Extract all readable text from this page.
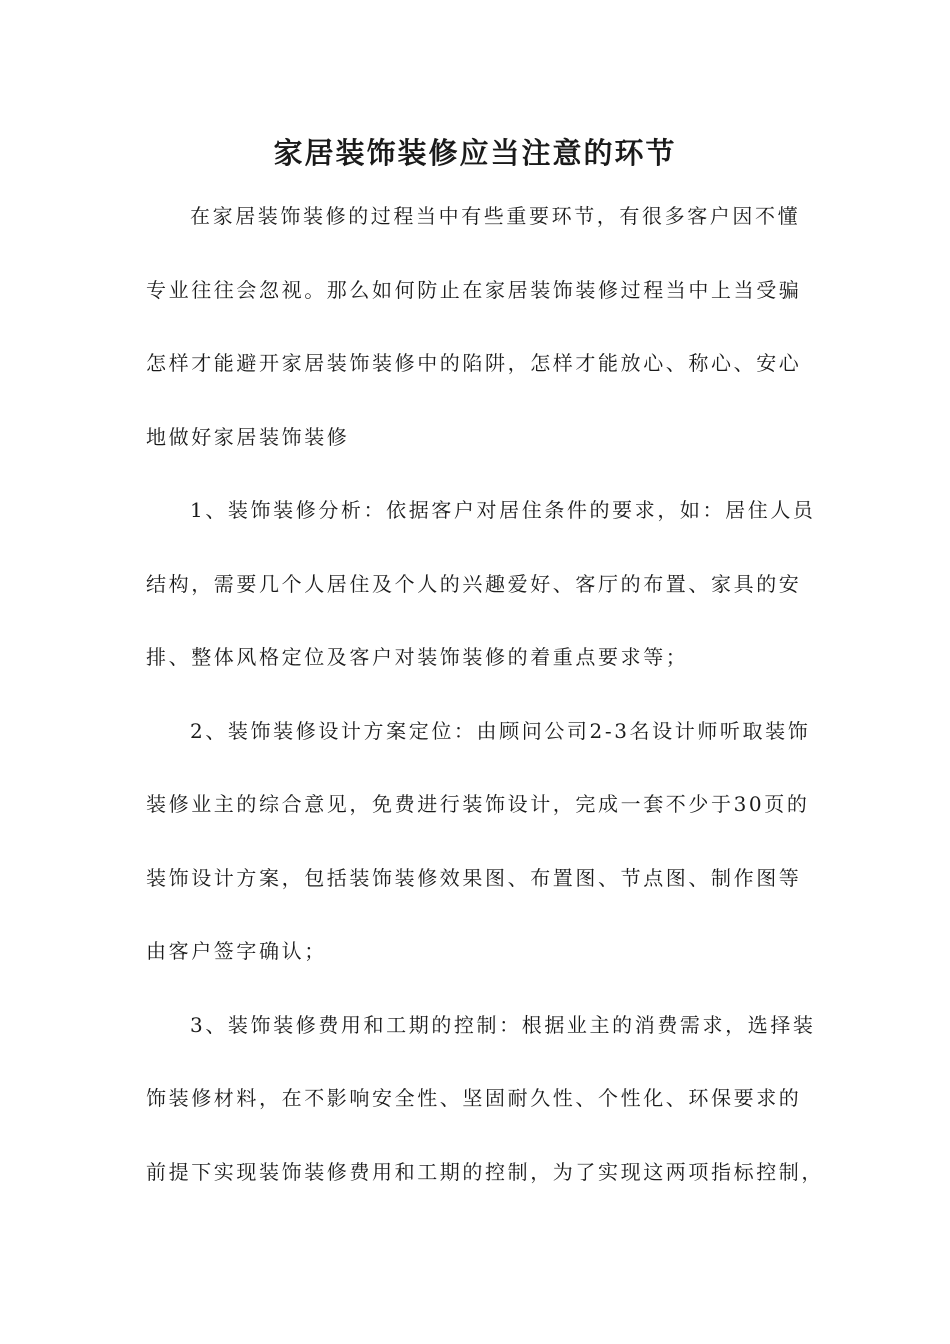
家居装饰装修应当注意的环节
在家居装饰装修的过程当中有些重要环节，有很多客户因不懂
专业往往会忽视。那么如何防止在家居装饰装修过程当中上当受骗
怎样才能避开家居装饰装修中的陷阱，怎样才能放心、称心、安心
地做好家居装饰装修
1、装饰装修分析：依据客户对居住条件的要求，如：居住人员
结构，需要几个人居住及个人的兴趣爱好、客厅的布置、家具的安
排、整体风格定位及客户对装饰装修的着重点要求等；
2、装饰装修设计方案定位：由顾问公司2-3名设计师听取装饰
装修业主的综合意见，免费进行装饰设计，完成一套不少于30页的
装饰设计方案，包括装饰装修效果图、布置图、节点图、制作图等
由客户签字确认；
3、装饰装修费用和工期的控制：根据业主的消费需求，选择装
饰装修材料，在不影响安全性、坚固耐久性、个性化、环保要求的
前提下实现装饰装修费用和工期的控制，为了实现这两项指标控制，
